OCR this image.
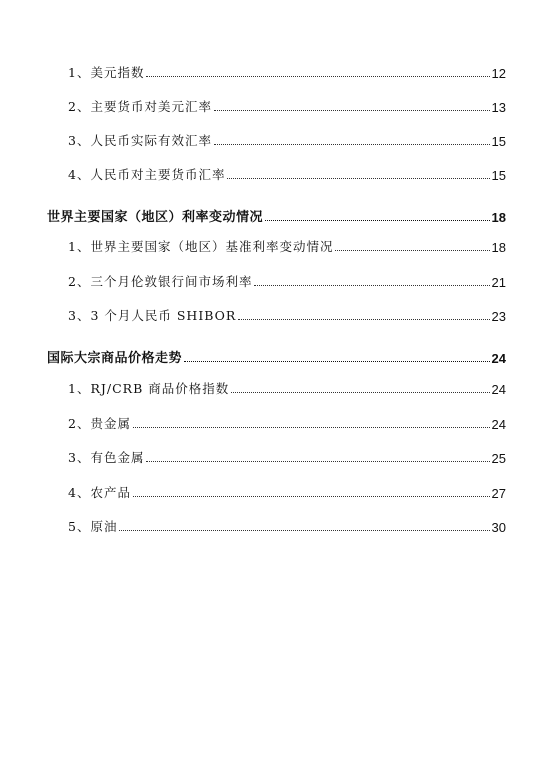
1、 美元指数	12
2、 主要货币对美元汇率	13
3、 人民币实际有效汇率	15
4、 人民币对主要货币汇率	15
世界主要国家（地区）利率变动情况	18
1、 世界主要国家（地区）基准利率变动情况	18
2、 三个月伦敦银行间市场利率	21
3、 3 个月人民币 SHIBOR	23
国际大宗商品价格走势	24
1、 RJ/CRB 商品价格指数	24
2、 贵金属	24
3、 有色金属	25
4、 农产品	27
5、 原油	30
